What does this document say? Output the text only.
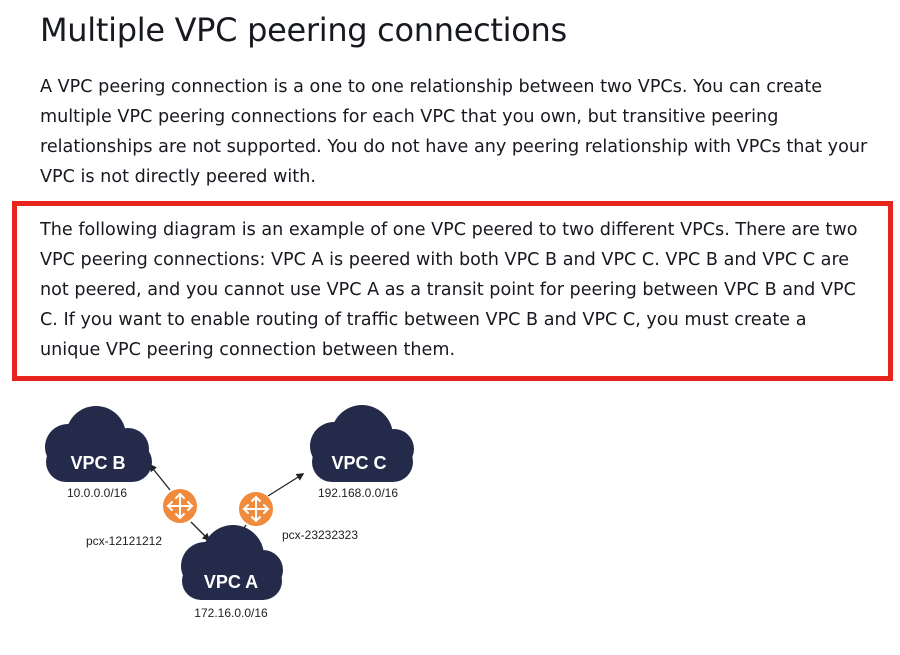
Multiple VPC peering connections

A VPC peering connection is a one to one relationship between two VPCs. You can create multiple VPC peering connections for each VPC that you own, but transitive peering relationships are not supported. You do not have any peering relationship with VPCs that your VPC is not directly peered with.

The following diagram is an example of one VPC peered to two different VPCs. There are two VPC peering connections: VPC A is peered with both VPC B and VPC C. VPC B and VPC C are not peered, and you cannot use VPC A as a transit point for peering between VPC B and VPC C. If you want to enable routing of traffic between VPC B and VPC C, you must create a unique VPC peering connection between them.

VPC B
10.0.0.0/16
VPC C
192.168.0.0/16
VPC A
172.16.0.0/16
pcx-12121212	pcx-23232323
